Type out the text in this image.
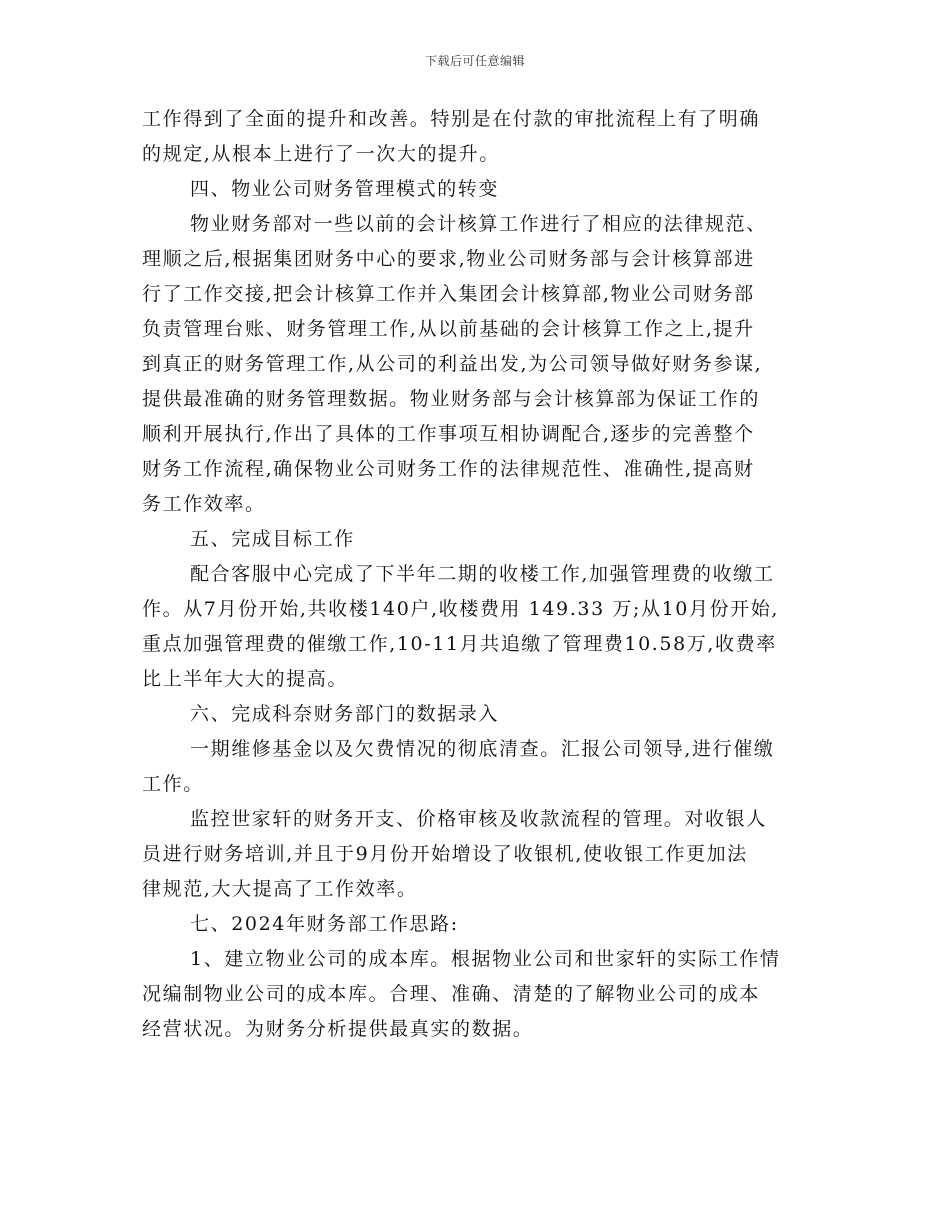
下载后可任意编辑

工作得到了全面的提升和改善。特别是在付款的审批流程上有了明确
的规定,从根本上进行了一次大的提升。

四、物业公司财务管理模式的转变

物业财务部对一些以前的会计核算工作进行了相应的法律规范、
理顺之后,根据集团财务中心的要求,物业公司财务部与会计核算部进
行了工作交接,把会计核算工作并入集团会计核算部,物业公司财务部
负责管理台账、财务管理工作,从以前基础的会计核算工作之上,提升
到真正的财务管理工作,从公司的利益出发,为公司领导做好财务参谋,
提供最准确的财务管理数据。物业财务部与会计核算部为保证工作的
顺利开展执行,作出了具体的工作事项互相协调配合,逐步的完善整个
财务工作流程,确保物业公司财务工作的法律规范性、准确性,提高财
务工作效率。

五、完成目标工作

配合客服中心完成了下半年二期的收楼工作,加强管理费的收缴工
作。从7月份开始,共收楼140户,收楼费用 149.33 万;从10月份开始,
重点加强管理费的催缴工作,10-11月共追缴了管理费10.58万,收费率
比上半年大大的提高。

六、完成科奈财务部门的数据录入

一期维修基金以及欠费情况的彻底清查。汇报公司领导,进行催缴
工作。

监控世家轩的财务开支、价格审核及收款流程的管理。对收银人
员进行财务培训,并且于9月份开始增设了收银机,使收银工作更加法
律规范,大大提高了工作效率。

七、2024年财务部工作思路:

1、建立物业公司的成本库。根据物业公司和世家轩的实际工作情
况编制物业公司的成本库。合理、准确、清楚的了解物业公司的成本
经营状况。为财务分析提供最真实的数据。
